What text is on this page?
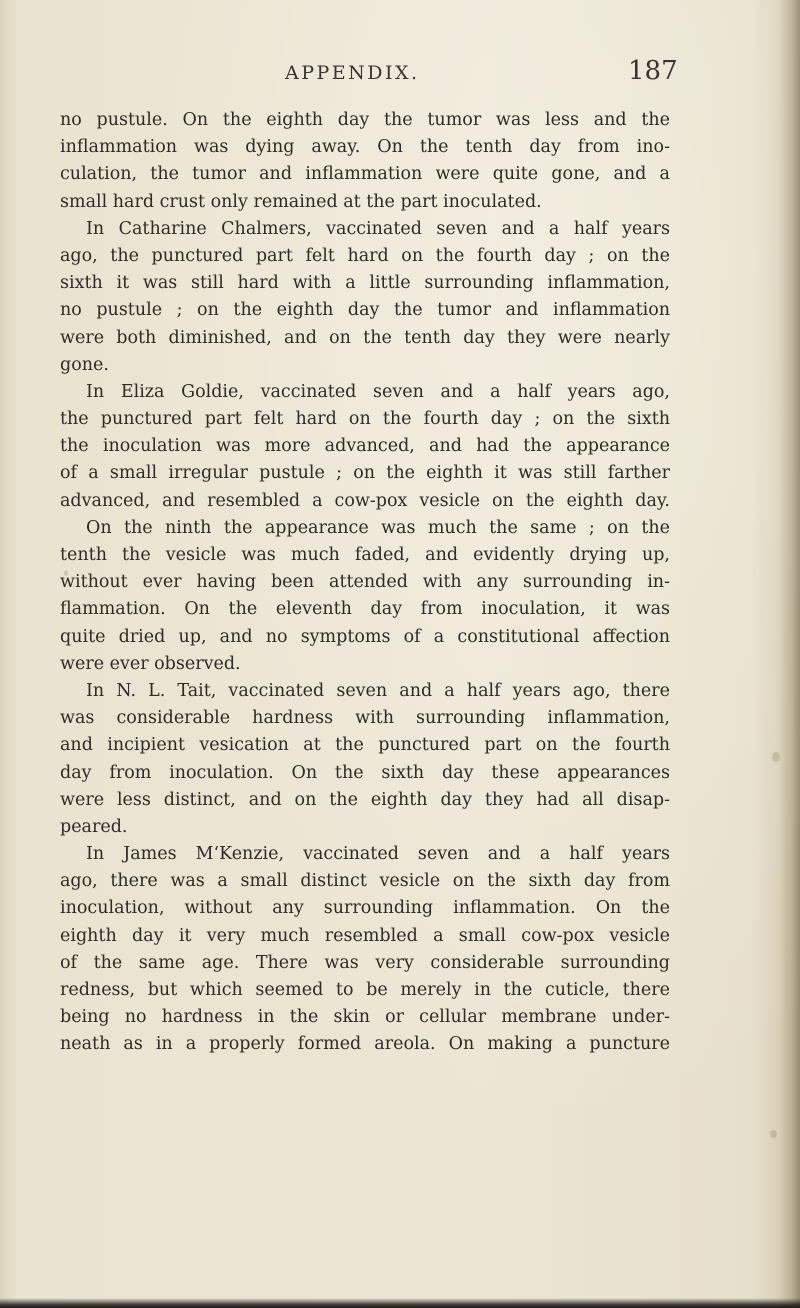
APPENDIX.	187
no pustule. On the eighth day the tumor was less and the
inflammation was dying away. On the tenth day from ino-
culation, the tumor and inflammation were quite gone, and a
small hard crust only remained at the part inoculated.
In Catharine Chalmers, vaccinated seven and a half years
ago, the punctured part felt hard on the fourth day ; on the
sixth it was still hard with a little surrounding inflammation,
no pustule ; on the eighth day the tumor and inflammation
were both diminished, and on the tenth day they were nearly
gone.
In Eliza Goldie, vaccinated seven and a half years ago,
the punctured part felt hard on the fourth day ; on the sixth
the inoculation was more advanced, and had the appearance
of a small irregular pustule ; on the eighth it was still farther
advanced, and resembled a cow-pox vesicle on the eighth day.
On the ninth the appearance was much the same ; on the
tenth the vesicle was much faded, and evidently drying up,
without ever having been attended with any surrounding in-
flammation. On the eleventh day from inoculation, it was
quite dried up, and no symptoms of a constitutional affection
were ever observed.
In N. L. Tait, vaccinated seven and a half years ago, there
was considerable hardness with surrounding inflammation,
and incipient vesication at the punctured part on the fourth
day from inoculation. On the sixth day these appearances
were less distinct, and on the eighth day they had all disap-
peared.
In James M‘Kenzie, vaccinated seven and a half years
ago, there was a small distinct vesicle on the sixth day from
inoculation, without any surrounding inflammation. On the
eighth day it very much resembled a small cow-pox vesicle
of the same age. There was very considerable surrounding
redness, but which seemed to be merely in the cuticle, there
being no hardness in the skin or cellular membrane under-
neath as in a properly formed areola. On making a puncture
